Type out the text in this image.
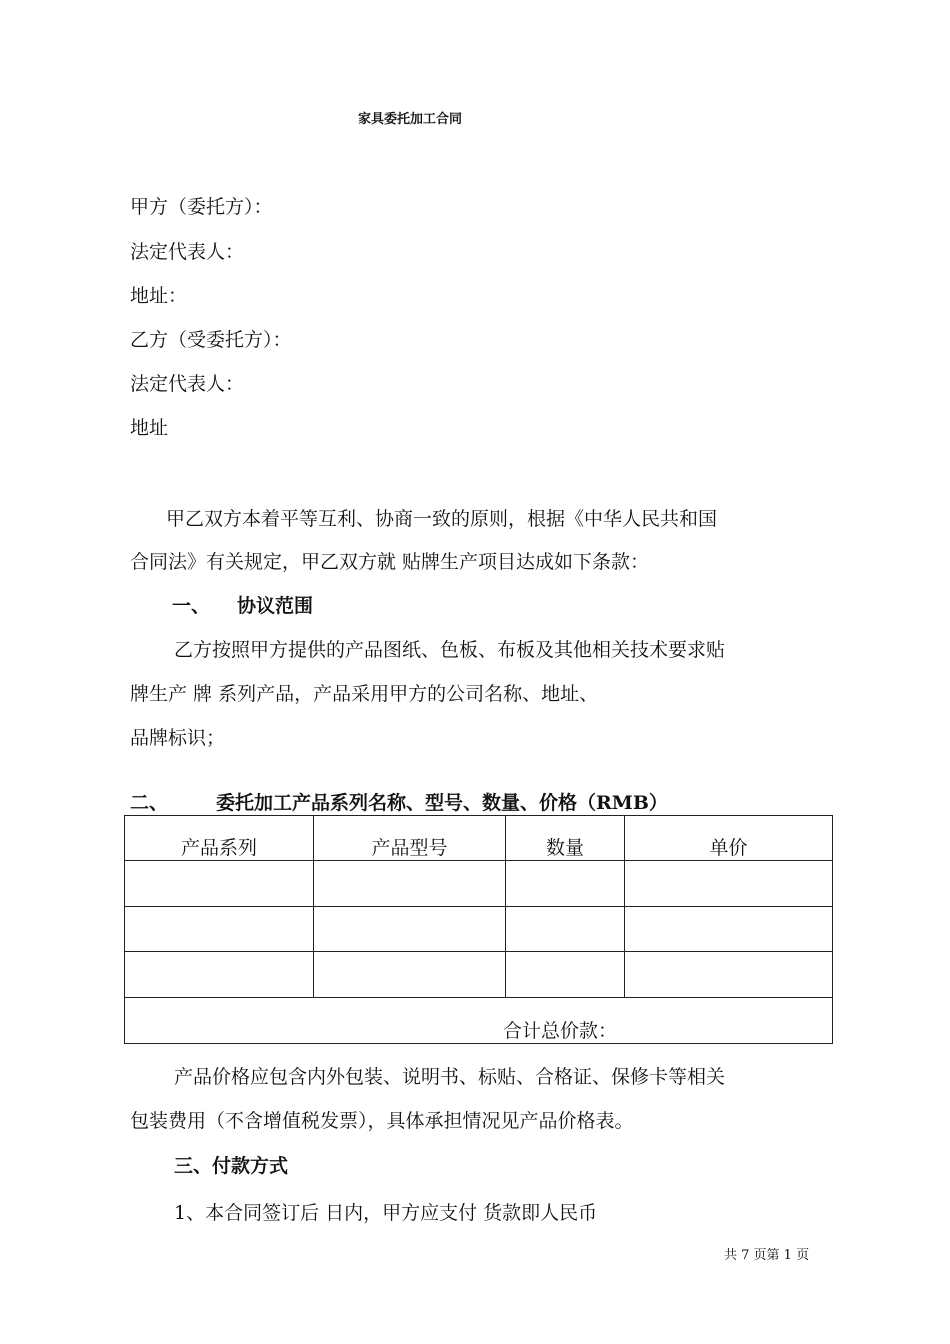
家具委托加工合同
甲方（委托方）：
法定代表人：
地址：
乙方（受委托方）：
法定代表人：
地址
甲乙双方本着平等互利、协商一致的原则，根据《中华人民共和国
合同法》有关规定，甲乙双方就 贴牌生产项目达成如下条款：
一、 协议范围
乙方按照甲方提供的产品图纸、色板、布板及其他相关技术要求贴
牌生产 牌 系列产品，产品采用甲方的公司名称、地址、
品牌标识；
二、	委托加工产品系列名称、型号、数量、价格（RMB）
产品系列	产品型号	数量	单价

合计总价款：			
产品价格应包含内外包装、说明书、标贴、合格证、保修卡等相关
包装费用（不含增值税发票），具体承担情况见产品价格表。
三、付款方式
1、本合同签订后 日内，甲方应支付 货款即人民币
共 7 页第 1 页
